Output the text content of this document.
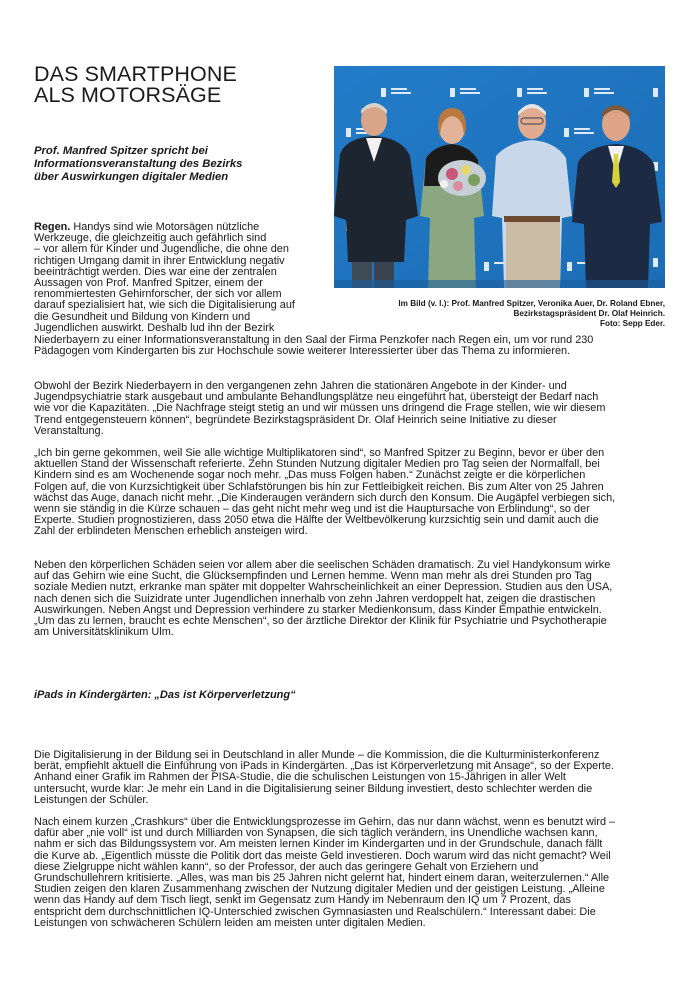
DAS SMARTPHONE
ALS MOTORSÄGE
Prof. Manfred Spitzer spricht bei
Informationsveranstaltung des Bezirks
über Auswirkungen digitaler Medien
Im Bild (v. l.): Prof. Manfred Spitzer, Veronika Auer, Dr. Roland Ebner,
Bezirkstagspräsident Dr. Olaf Heinrich.
Foto: Sepp Eder.
Regen. Handys sind wie Motorsägen nützliche
Werkzeuge, die gleichzeitig auch gefährlich sind
– vor allem für Kinder und Jugendliche, die ohne den
richtigen Umgang damit in ihrer Entwicklung negativ
beeinträchtigt werden. Dies war eine der zentralen
Aussagen von Prof. Manfred Spitzer, einem der
renommiertesten Gehirnforscher, der sich vor allem
darauf spezialisiert hat, wie sich die Digitalisierung auf
die Gesundheit und Bildung von Kindern und
Jugendlichen auswirkt. Deshalb lud ihn der Bezirk
Niederbayern zu einer Informationsveranstaltung in den Saal der Firma Penzkofer nach Regen ein, um vor rund 230
Pädagogen vom Kindergarten bis zur Hochschule sowie weiterer Interessierter über das Thema zu informieren.
Obwohl der Bezirk Niederbayern in den vergangenen zehn Jahren die stationären Angebote in der Kinder- und
Jugendpsychiatrie stark ausgebaut und ambulante Behandlungsplätze neu eingeführt hat, übersteigt der Bedarf nach
wie vor die Kapazitäten. „Die Nachfrage steigt stetig an und wir müssen uns dringend die Frage stellen, wie wir diesem
Trend entgegensteuern können“, begründete Bezirkstagspräsident Dr. Olaf Heinrich seine Initiative zu dieser
Veranstaltung.
„Ich bin gerne gekommen, weil Sie alle wichtige Multiplikatoren sind“, so Manfred Spitzer zu Beginn, bevor er über den
aktuellen Stand der Wissenschaft referierte. Zehn Stunden Nutzung digitaler Medien pro Tag seien der Normalfall, bei
Kindern sind es am Wochenende sogar noch mehr. „Das muss Folgen haben.“ Zunächst zeigte er die körperlichen
Folgen auf, die von Kurzsichtigkeit über Schlafstörungen bis hin zur Fettleibigkeit reichen. Bis zum Alter von 25 Jahren
wächst das Auge, danach nicht mehr. „Die Kinderaugen verändern sich durch den Konsum. Die Augäpfel verbiegen sich,
wenn sie ständig in die Kürze schauen – das geht nicht mehr weg und ist die Hauptursache von Erblindung“, so der
Experte. Studien prognostizieren, dass 2050 etwa die Hälfte der Weltbevölkerung kurzsichtig sein und damit auch die
Zahl der erblindeten Menschen erheblich ansteigen wird.
Neben den körperlichen Schäden seien vor allem aber die seelischen Schäden dramatisch. Zu viel Handykonsum wirke
auf das Gehirn wie eine Sucht, die Glücksempfinden und Lernen hemme. Wenn man mehr als drei Stunden pro Tag
soziale Medien nutzt, erkranke man später mit doppelter Wahrscheinlichkeit an einer Depression. Studien aus den USA,
nach denen sich die Suizidrate unter Jugendlichen innerhalb von zehn Jahren verdoppelt hat, zeigen die drastischen
Auswirkungen. Neben Angst und Depression verhindere zu starker Medienkonsum, dass Kinder Empathie entwickeln.
„Um das zu lernen, braucht es echte Menschen“, so der ärztliche Direktor der Klinik für Psychiatrie und Psychotherapie
am Universitätsklinikum Ulm.
iPads in Kindergärten: „Das ist Körperverletzung“
Die Digitalisierung in der Bildung sei in Deutschland in aller Munde – die Kommission, die die Kulturministerkonferenz
berät, empfiehlt aktuell die Einführung von iPads in Kindergärten. „Das ist Körperverletzung mit Ansage“, so der Experte.
Anhand einer Grafik im Rahmen der PISA-Studie, die die schulischen Leistungen von 15-Jährigen in aller Welt
untersucht, wurde klar: Je mehr ein Land in die Digitalisierung seiner Bildung investiert, desto schlechter werden die
Leistungen der Schüler.
Nach einem kurzen „Crashkurs“ über die Entwicklungsprozesse im Gehirn, das nur dann wächst, wenn es benutzt wird –
dafür aber „nie voll“ ist und durch Milliarden von Synapsen, die sich täglich verändern, ins Unendliche wachsen kann,
nahm er sich das Bildungssystem vor. Am meisten lernen Kinder im Kindergarten und in der Grundschule, danach fällt
die Kurve ab. „Eigentlich müsste die Politik dort das meiste Geld investieren. Doch warum wird das nicht gemacht? Weil
diese Zielgruppe nicht wählen kann“, so der Professor, der auch das geringere Gehalt von Erziehern und
Grundschullehrern kritisierte. „Alles, was man bis 25 Jahren nicht gelernt hat, hindert einem daran, weiterzulernen.“ Alle
Studien zeigen den klaren Zusammenhang zwischen der Nutzung digitaler Medien und der geistigen Leistung. „Alleine
wenn das Handy auf dem Tisch liegt, senkt im Gegensatz zum Handy im Nebenraum den IQ um 7 Prozent, das
entspricht dem durchschnittlichen IQ-Unterschied zwischen Gymnasiasten und Realschülern.“ Interessant dabei: Die
Leistungen von schwächeren Schülern leiden am meisten unter digitalen Medien.
